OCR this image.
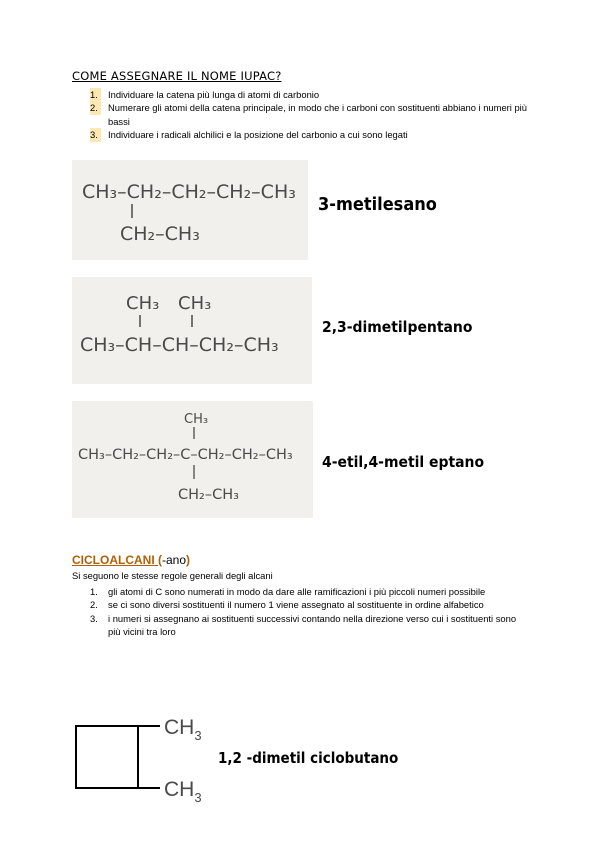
COME ASSEGNARE IL NOME IUPAC?
1.	Individuare la catena più lunga di atomi di carbonio
2.	Numerare gli atomi della catena principale, in modo che i carboni con sostituenti abbiano i numeri più bassi
3.	Individuare i radicali alchilici e la posizione del carbonio a cui sono legati
CH₃–CH₂–CH₂–CH₂–CH₃
CH₂–CH₃
3-metilesano
CH₃ CH₃
CH₃–CH–CH–CH₂–CH₃
2,3-dimetilpentano
CH₃
CH₃–CH₂–CH₂–C–CH₂–CH₂–CH₃
CH₂–CH₃
4-etil,4-metil eptano
CICLOALCANI (-ano)
Si seguono le stesse regole generali degli alcani
1. gli atomi di C sono numerati in modo da dare alle ramificazioni i più piccoli numeri possibile
2. se ci sono diversi sostituenti il numero 1 viene assegnato al sostituente in ordine alfabetico
3. i numeri si assegnano ai sostituenti successivi contando nella direzione verso cui i sostituenti sono più vicini tra loro
$CH_3$
$CH_3$
1,2 -dimetil ciclobutano
